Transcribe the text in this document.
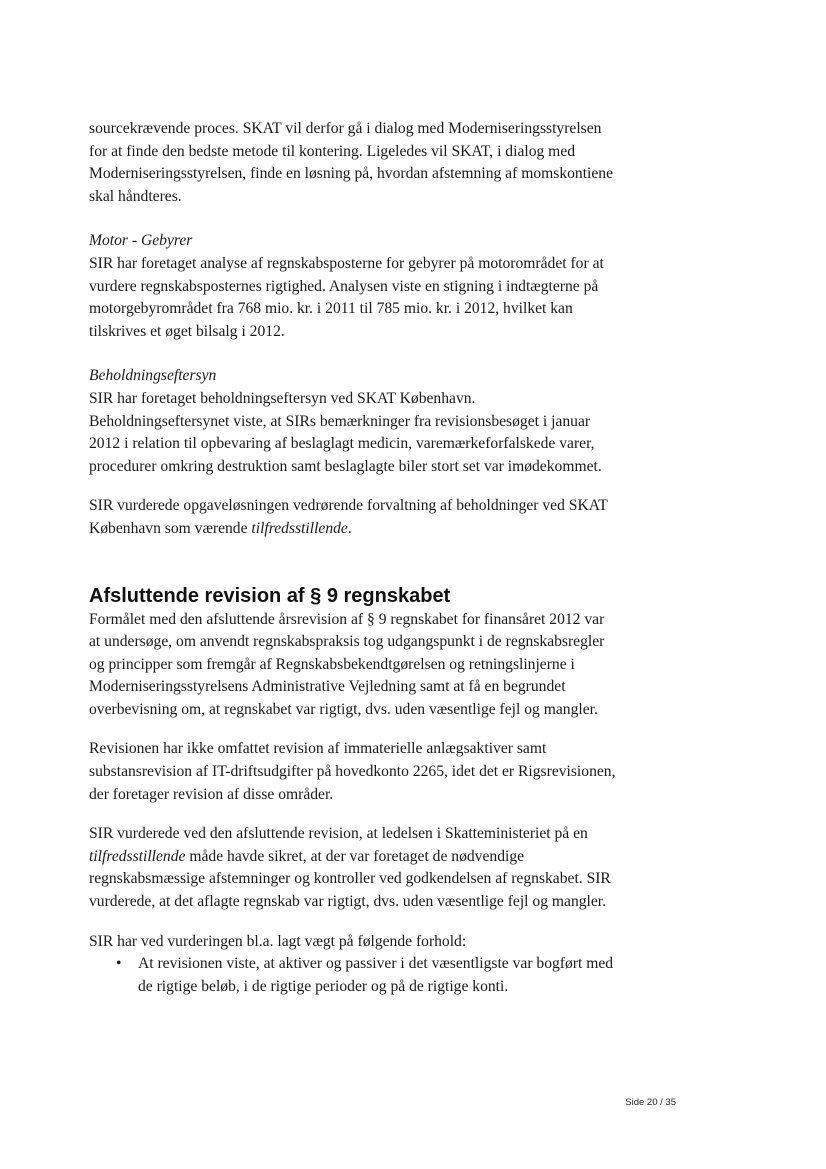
sourcekrævende proces. SKAT vil derfor gå i dialog med Moderniseringsstyrelsen for at finde den bedste metode til kontering. Ligeledes vil SKAT, i dialog med Moderniseringsstyrelsen, finde en løsning på, hvordan afstemning af momskontiene skal håndteres.

Motor - Gebyrer

SIR har foretaget analyse af regnskabsposterne for gebyrer på motorområdet for at vurdere regnskabsposternes rigtighed. Analysen viste en stigning i indtægterne på motorgebyrområdet fra 768 mio. kr. i 2011 til 785 mio. kr. i 2012, hvilket kan tilskrives et øget bilsalg i 2012.

Beholdningseftersyn

SIR har foretaget beholdningseftersyn ved SKAT København. Beholdningseftersynet viste, at SIRs bemærkninger fra revisionsbesøget i januar 2012 i relation til opbevaring af beslaglagt medicin, varemærkeforfalskede varer, procedurer omkring destruktion samt beslaglagte biler stort set var imødekommet.

SIR vurderede opgaveløsningen vedrørende forvaltning af beholdninger ved SKAT København som værende tilfredsstillende.

Afsluttende revision af § 9 regnskabet

Formålet med den afsluttende årsrevision af § 9 regnskabet for finansåret 2012 var at undersøge, om anvendt regnskabspraksis tog udgangspunkt i de regnskabsregler og principper som fremgår af Regnskabsbekendtgørelsen og retningslinjerne i Moderniseringsstyrelsens Administrative Vejledning samt at få en begrundet overbevisning om, at regnskabet var rigtigt, dvs. uden væsentlige fejl og mangler.

Revisionen har ikke omfattet revision af immaterielle anlægsaktiver samt substansrevision af IT-driftsudgifter på hovedkonto 2265, idet det er Rigsrevisionen, der foretager revision af disse områder.

SIR vurderede ved den afsluttende revision, at ledelsen i Skatteministeriet på en tilfredsstillende måde havde sikret, at der var foretaget de nødvendige regnskabsmæssige afstemninger og kontroller ved godkendelsen af regnskabet. SIR vurderede, at det aflagte regnskab var rigtigt, dvs. uden væsentlige fejl og mangler.

SIR har ved vurderingen bl.a. lagt vægt på følgende forhold:

• At revisionen viste, at aktiver og passiver i det væsentligste var bogført med de rigtige beløb, i de rigtige perioder og på de rigtige konti.
Side 20 / 35
